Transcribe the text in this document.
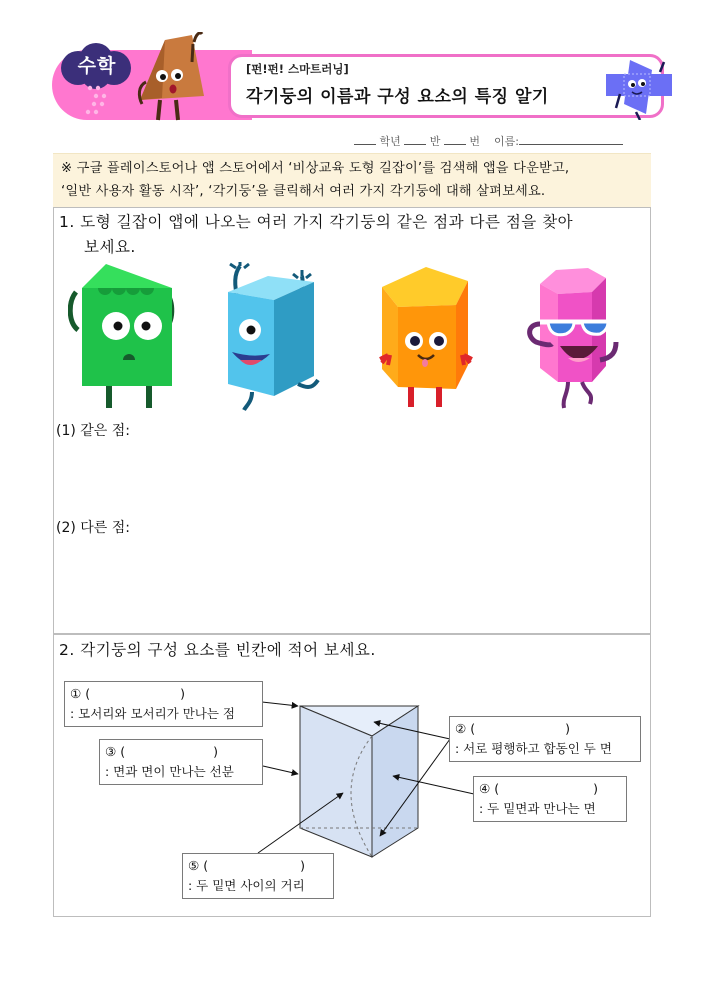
수학	[펀!펀! 스마트러닝]
각기둥의 이름과 구성 요소의 특징 알기
학년	반	번 이름:
※ 구글 플레이스토어나 앱 스토어에서 ‘비상교육 도형 길잡이’를 검색해 앱을 다운받고,
‘일반 사용자 활동 시작’, ‘각기둥’을 클릭해서 여러 가지 각기둥에 대해 살펴보세요.
1. 도형 길잡이 앱에 나오는 여러 가지 각기둥의 같은 점과 다른 점을 찾아
보세요.
(1) 같은 점:
(2) 다른 점:
2. 각기둥의 구성 요소를 빈칸에 적어 보세요.
① (	)
: 모서리와 모서리가 만나는 점
② (	)
: 서로 평행하고 합동인 두 면
③ (	)
: 면과 면이 만나는 선분
④ (	)
: 두 밑면과 만나는 면
⑤ (	)
: 두 밑면 사이의 거리
